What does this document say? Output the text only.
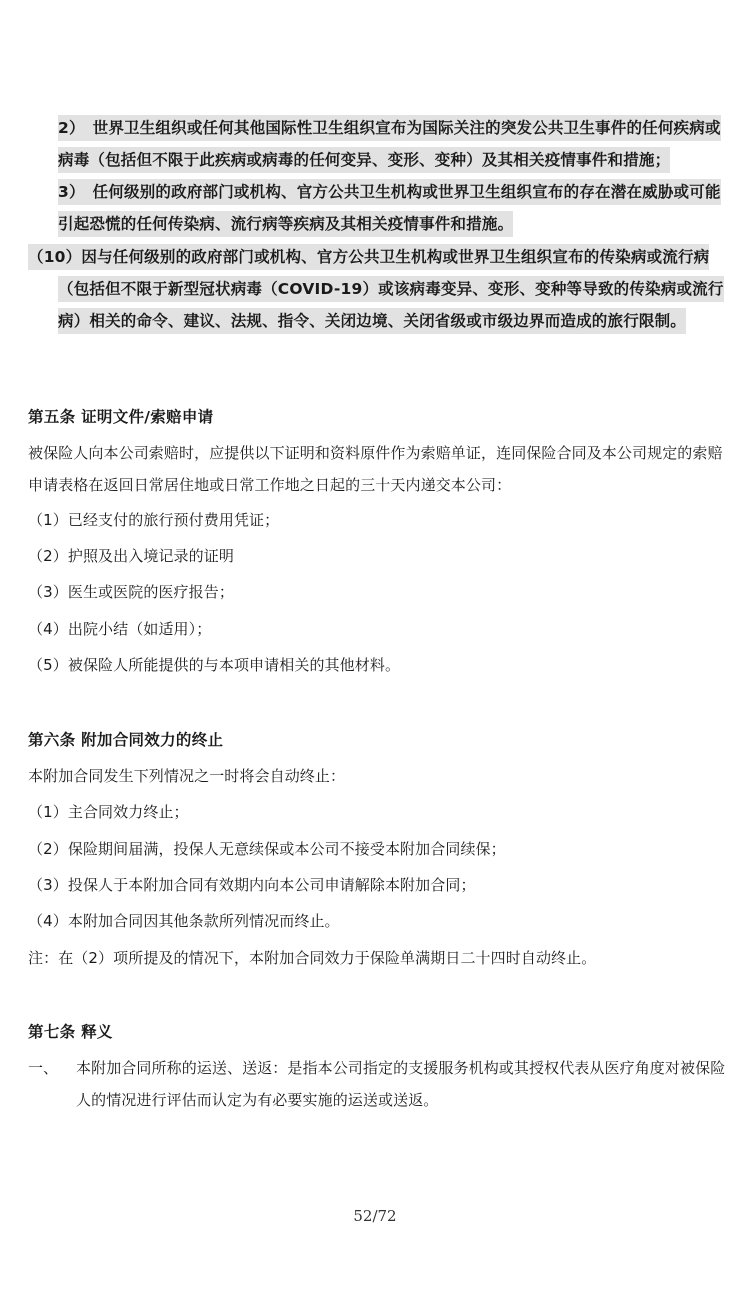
2）　世界卫生组织或任何其他国际性卫生组织宣布为国际关注的突发公共卫生事件的任何疾病或病毒（包括但不限于此疾病或病毒的任何变异、变形、变种）及其相关疫情事件和措施；
3）　任何级别的政府部门或机构、官方公共卫生机构或世界卫生组织宣布的存在潜在威胁或可能引起恐慌的任何传染病、流行病等疾病及其相关疫情事件和措施。
（10）因与任何级别的政府部门或机构、官方公共卫生机构或世界卫生组织宣布的传染病或流行病
（包括但不限于新型冠状病毒（COVID-19）或该病毒变异、变形、变种等导致的传染病或流行病）相关的命令、建议、法规、指令、关闭边境、关闭省级或市级边界而造成的旅行限制。
第五条 证明文件/索赔申请
被保险人向本公司索赔时，应提供以下证明和资料原件作为索赔单证，连同保险合同及本公司规定的索赔申请表格在返回日常居住地或日常工作地之日起的三十天内递交本公司：
（1）已经支付的旅行预付费用凭证；
（2）护照及出入境记录的证明
（3）医生或医院的医疗报告；
（4）出院小结（如适用）；
（5）被保险人所能提供的与本项申请相关的其他材料。
第六条 附加合同效力的终止
本附加合同发生下列情况之一时将会自动终止：
（1）主合同效力终止；
（2）保险期间届满，投保人无意续保或本公司不接受本附加合同续保；
（3）投保人于本附加合同有效期内向本公司申请解除本附加合同；
（4）本附加合同因其他条款所列情况而终止。
注：在（2）项所提及的情况下，本附加合同效力于保险单满期日二十四时自动终止。
第七条 释义
一、 本附加合同所称的运送、送返：是指本公司指定的支援服务机构或其授权代表从医疗角度对被保险人的情况进行评估而认定为有必要实施的运送或送返。
52/72
